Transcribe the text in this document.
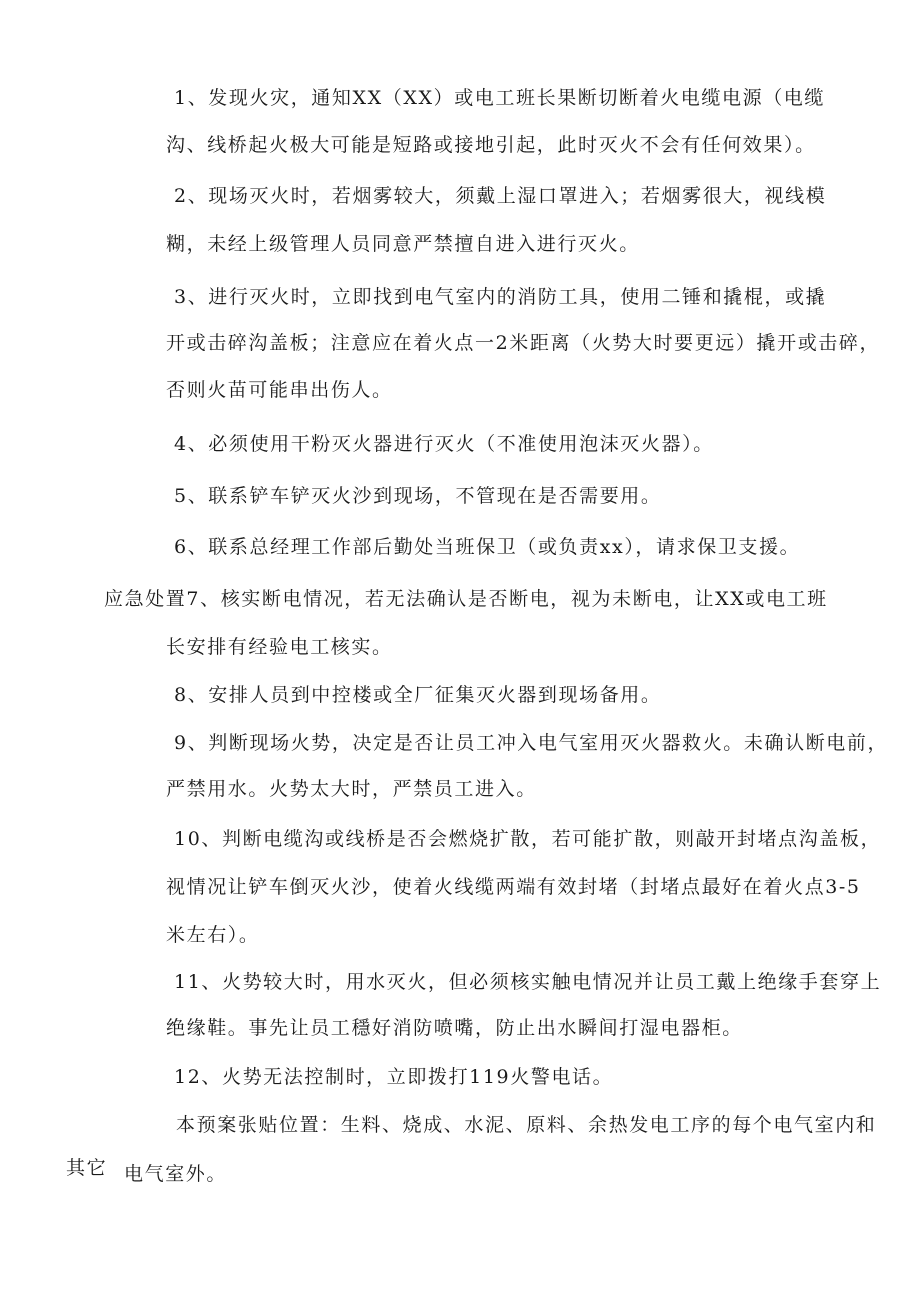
1、发现火灾，通知XX（XX）或电工班长果断切断着火电缆电源（电缆
沟、线桥起火极大可能是短路或接地引起，此时灭火不会有任何效果）。
2、现场灭火时，若烟雾较大，须戴上湿口罩进入；若烟雾很大，视线模
糊，未经上级管理人员同意严禁擅自进入进行灭火。
3、进行灭火时，立即找到电气室内的消防工具，使用二锤和撬棍，或撬
开或击碎沟盖板；注意应在着火点一2米距离（火势大时要更远）撬开或击碎，
否则火苗可能串出伤人。
4、必须使用干粉灭火器进行灭火（不准使用泡沫灭火器）。
5、联系铲车铲灭火沙到现场，不管现在是否需要用。
6、联系总经理工作部后勤处当班保卫（或负责xx），请求保卫支援。
应急处置7、核实断电情况，若无法确认是否断电，视为未断电，让XX或电工班
长安排有经验电工核实。
8、安排人员到中控楼或全厂征集灭火器到现场备用。
9、判断现场火势，决定是否让员工冲入电气室用灭火器救火。未确认断电前，
严禁用水。火势太大时，严禁员工进入。
10、判断电缆沟或线桥是否会燃烧扩散，若可能扩散，则敲开封堵点沟盖板，
视情况让铲车倒灭火沙，使着火线缆两端有效封堵（封堵点最好在着火点3-5
米左右）。
11、火势较大时，用水灭火，但必须核实触电情况并让员工戴上绝缘手套穿上
绝缘鞋。事先让员工穩好消防喷嘴，防止出水瞬间打湿电器柜。
12、火势无法控制时，立即拨打119火警电话。
本预案张贴位置：生料、烧成、水泥、原料、余热发电工序的每个电气室内和
其它 电气室外。
